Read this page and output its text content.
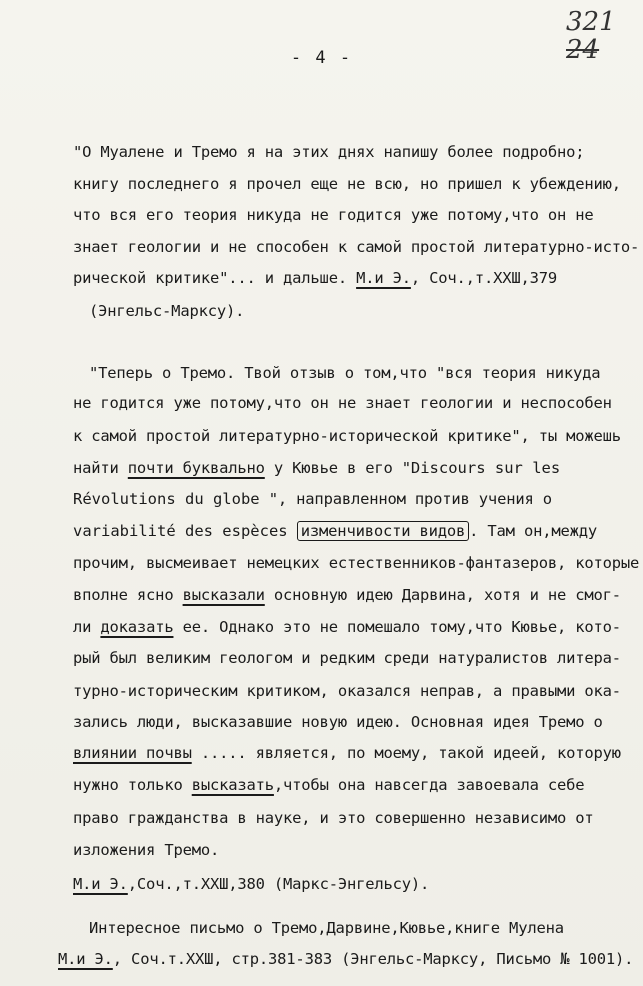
321
24
- 4 -
"О Муалене и Тремо я на этих днях напишу более подробно;
книгу последнего я прочел еще не всю, но пришел к убеждению,
что вся его теория никуда не годится уже потому,что он не
знает геологии и не способен к самой простой литературно-исто-
рической критике"... и дальше. М.и Э., Соч.,т.ХХШ,379
(Энгельс-Марксу).
"Теперь о Тремо. Твой отзыв о том,что "вся теория никуда
не годится уже потому,что он не знает геологии и неспособен
к самой простой литературно-исторической критике", ты можешь
найти почти буквально у Кювье в его "Discours sur les
Révolutions du globe ", направленном против учения о
variabilité des espèces изменчивости видов . Там он,между
прочим, высмеивает немецких естественников-фантазеров, которые
вполне ясно высказали основную идею Дарвина, хотя и не смог-
ли доказать ее. Однако это не помешало тому,что Кювье, кото-
рый был великим геологом и редким среди натуралистов литера-
турно-историческим критиком, оказался неправ, а правыми ока-
зались люди, высказавшие новую идею. Основная идея Тремо о
влиянии почвы ..... является, по моему, такой идеей, которую
нужно только высказать,чтобы она навсегда завоевала себе
право гражданства в науке, и это совершенно независимо от
изложения Тремо.
М.и Э.,Соч.,т.ХХШ,380 (Маркс-Энгельсу).
Интересное письмо о Тремо,Дарвине,Кювье,книге Мулена
М.и Э., Соч.т.ХХШ, стр.381-383 (Энгельс-Марксу, Письмо № 1001).
